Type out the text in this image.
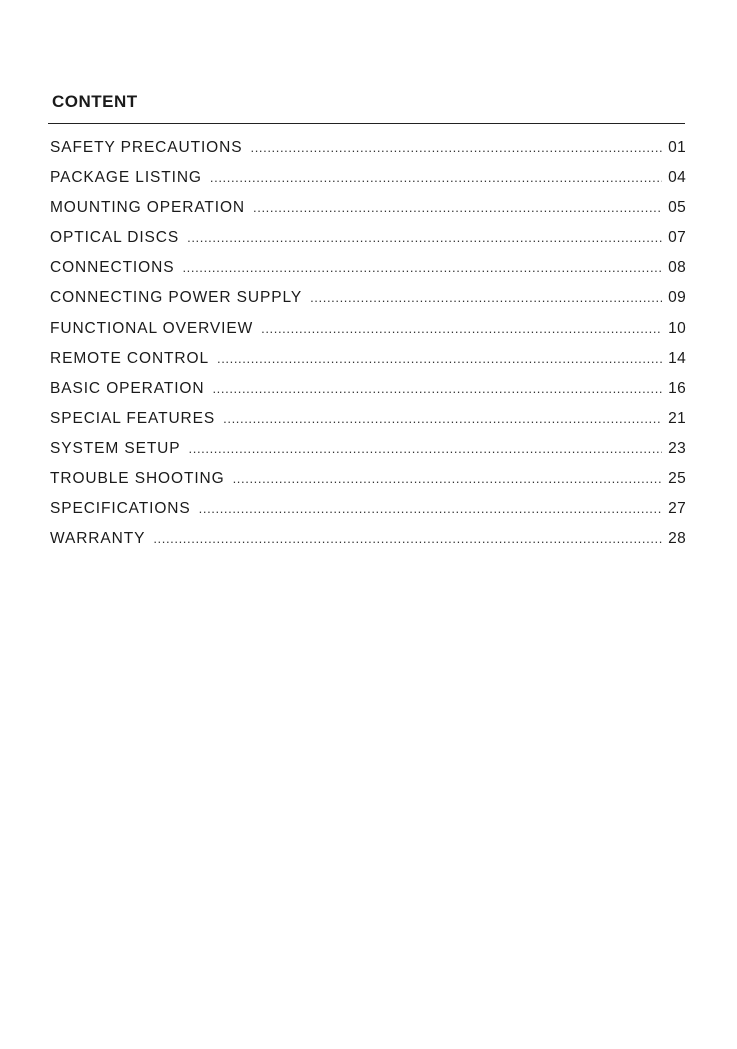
CONTENT
SAFETY PRECAUTIONS .....	01
PACKAGE LISTING .....	04
MOUNTING OPERATION .....	05
OPTICAL DISCS .....	07
CONNECTIONS .....	08
CONNECTING POWER SUPPLY .....	09
FUNCTIONAL OVERVIEW .....	10
REMOTE CONTROL .....	14
BASIC OPERATION .....	16
SPECIAL FEATURES .....	21
SYSTEM SETUP .....	23
TROUBLE SHOOTING .....	25
SPECIFICATIONS .....	27
WARRANTY .....	28
